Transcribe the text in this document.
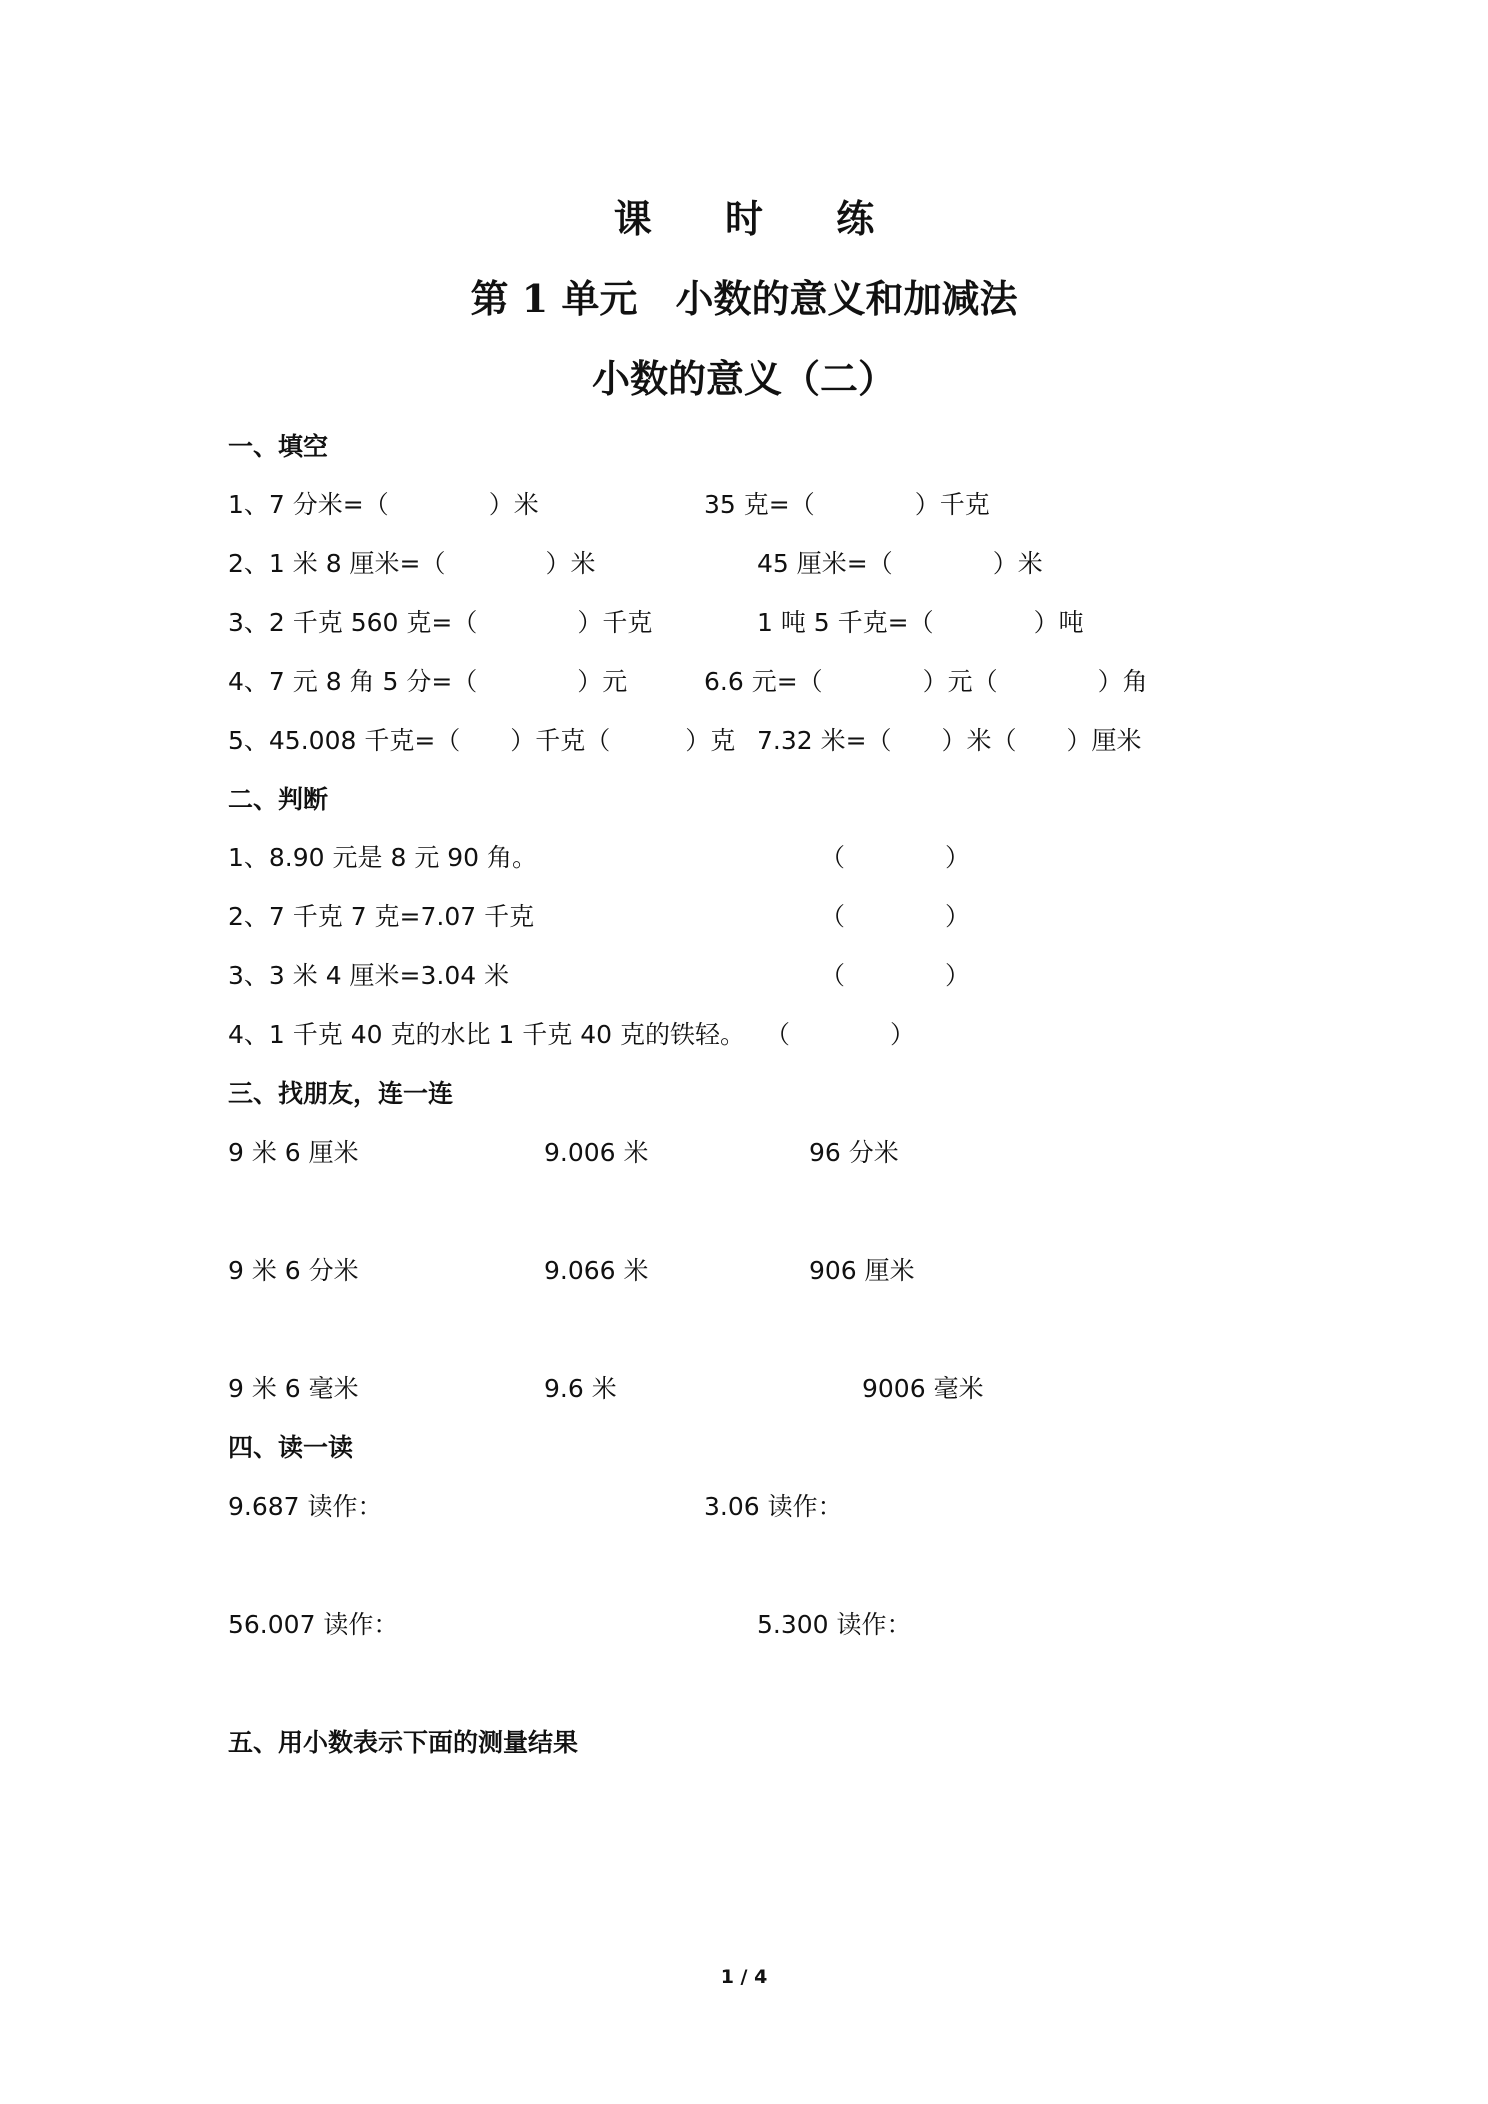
课 时 练
第 1 单元　小数的意义和加减法
小数的意义（二）
一、填空
1、7 分米=（　　　　）米	35 克=（　　　　）千克
2、1 米 8 厘米=（　　　　）米	45 厘米=（　　　　）米
3、2 千克 560 克=（　　　　）千克	1 吨 5 千克=（　　　　）吨
4、7 元 8 角 5 分=（　　　　）元	6.6 元=（　　　　）元（　　　　）角
5、45.008 千克=（　　）千克（　　　）克 7.32 米=（　　）米（　　）厘米
二、判断
1、8.90 元是 8 元 90 角。	（　　　　）
2、7 千克 7 克=7.07 千克	（　　　　）
3、3 米 4 厘米=3.04 米	（　　　　）
4、1 千克 40 克的水比 1 千克 40 克的铁轻。 （　　　　）
三、找朋友，连一连
9 米 6 厘米	9.006 米	96 分米
9 米 6 分米	9.066 米	906 厘米
9 米 6 毫米	9.6 米	9006 毫米
四、读一读
9.687 读作：	3.06 读作：
56.007 读作：	5.300 读作：
五、用小数表示下面的测量结果
1 / 4
